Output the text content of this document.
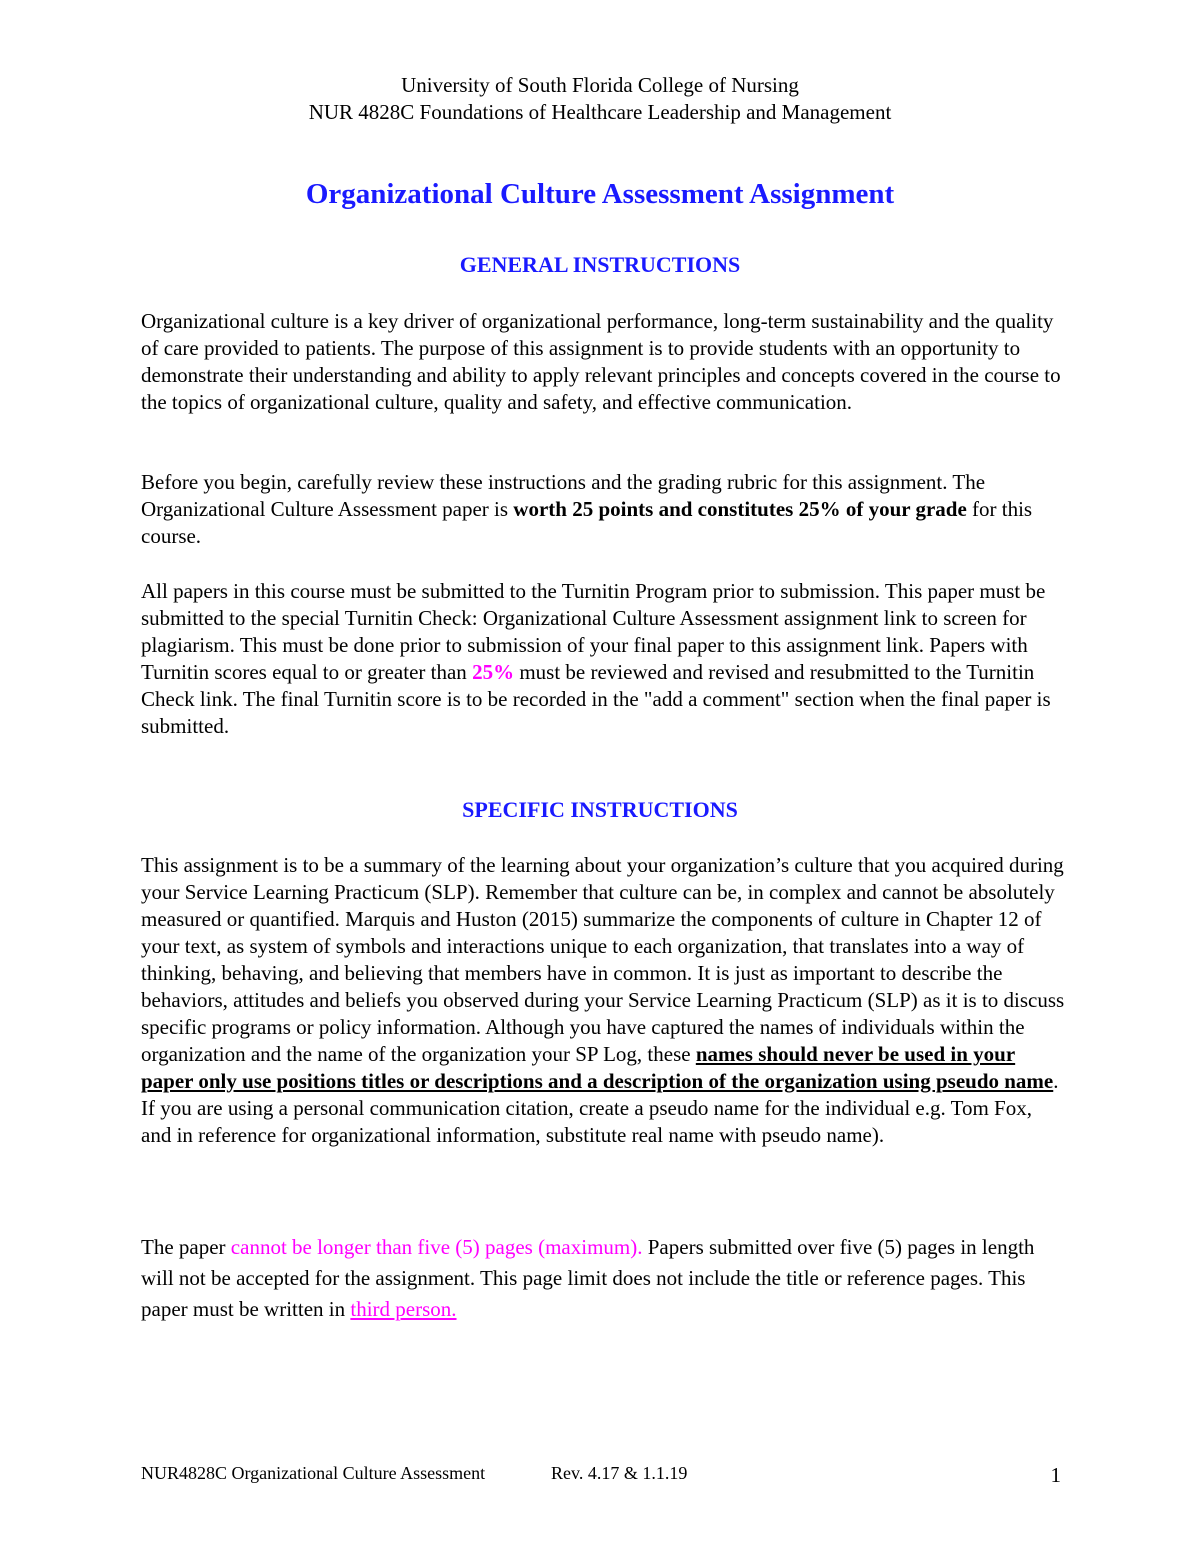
University of South Florida College of Nursing
NUR 4828C Foundations of Healthcare Leadership and Management
Organizational Culture Assessment Assignment
GENERAL INSTRUCTIONS

Organizational culture is a key driver of organizational performance, long-term sustainability and the quality of care provided to patients. The purpose of this assignment is to provide students with an opportunity to demonstrate their understanding and ability to apply relevant principles and concepts covered in the course to the topics of organizational culture, quality and safety, and effective communication.

Before you begin, carefully review these instructions and the grading rubric for this assignment. The Organizational Culture Assessment paper is worth 25 points and constitutes 25% of your grade for this course.

All papers in this course must be submitted to the Turnitin Program prior to submission. This paper must be submitted to the special Turnitin Check: Organizational Culture Assessment assignment link to screen for plagiarism. This must be done prior to submission of your final paper to this assignment link. Papers with Turnitin scores equal to or greater than 25% must be reviewed and revised and resubmitted to the Turnitin Check link. The final Turnitin score is to be recorded in the "add a comment" section when the final paper is submitted.

SPECIFIC INSTRUCTIONS

This assignment is to be a summary of the learning about your organization’s culture that you acquired during your Service Learning Practicum (SLP). Remember that culture can be, in complex and cannot be absolutely measured or quantified. Marquis and Huston (2015) summarize the components of culture in Chapter 12 of your text, as system of symbols and interactions unique to each organization, that translates into a way of thinking, behaving, and believing that members have in common. It is just as important to describe the behaviors, attitudes and beliefs you observed during your Service Learning Practicum (SLP) as it is to discuss specific programs or policy information. Although you have captured the names of individuals within the organization and the name of the organization your SP Log, these names should never be used in your paper only use positions titles or descriptions and a description of the organization using pseudo name. If you are using a personal communication citation, create a pseudo name for the individual e.g. Tom Fox, and in reference for organizational information, substitute real name with pseudo name).

The paper cannot be longer than five (5) pages (maximum). Papers submitted over five (5) pages in length will not be accepted for the assignment. This page limit does not include the title or reference pages. This paper must be written in third person.

NUR4828C Organizational Culture Assessment	Rev. 4.17 & 1.1.19	1
